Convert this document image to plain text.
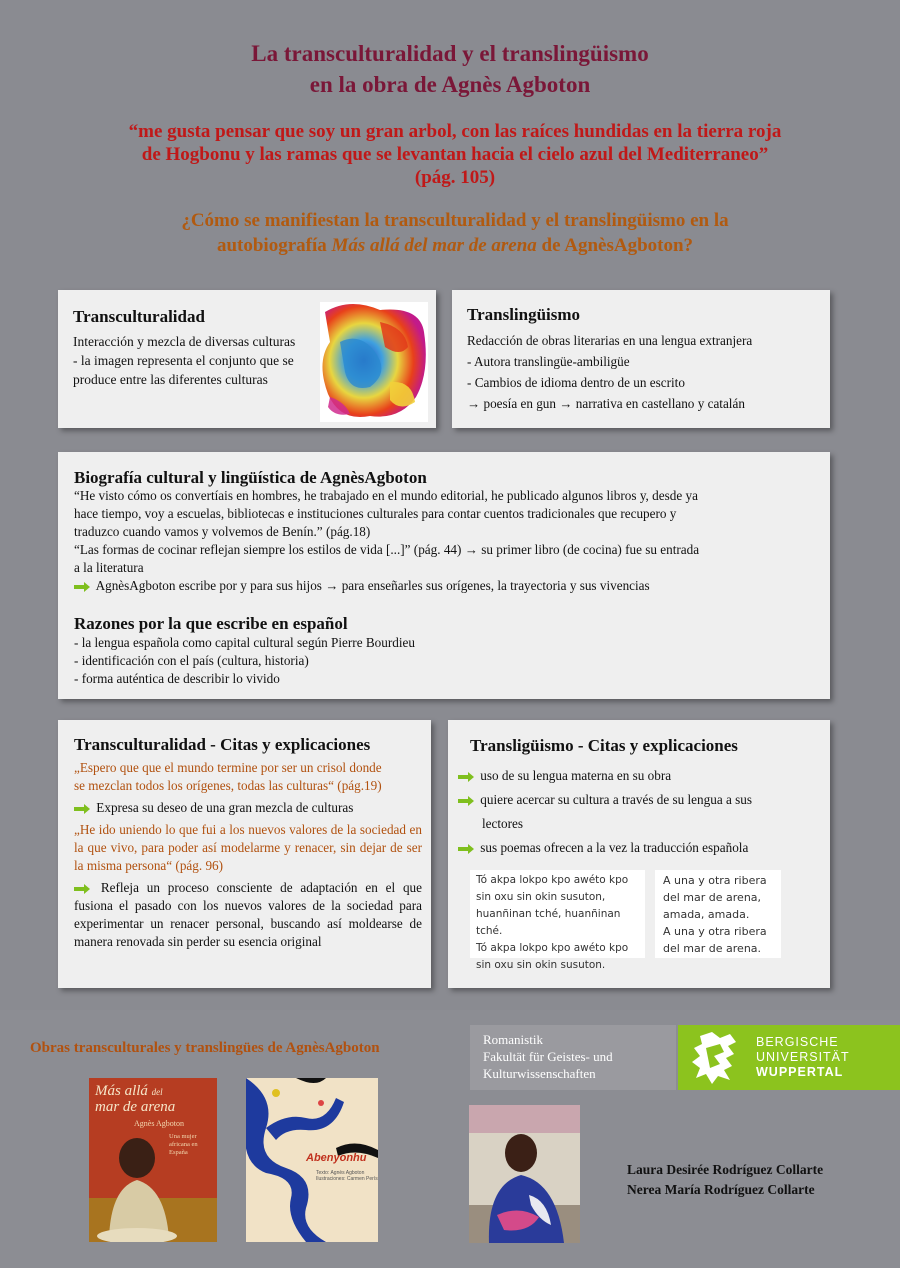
La transculturalidad y el translingüismo
en la obra de Agnès Agboton
“me gusta pensar que soy un gran arbol, con las raíces hundidas en la tierra roja
de Hogbonu y las ramas que se levantan hacia el cielo azul del Mediterraneo”
(pág. 105)
¿Cómo se manifiestan la transculturalidad y el translingüismo en la
autobiografía Más allá del mar de arena de AgnèsAgboton?
Transculturalidad
Interacción y mezcla de diversas culturas
- la imagen representa el conjunto que se
produce entre las diferentes culturas
Translingüismo
Redacción de obras literarias en una lengua extranjera
- Autora translingüe-ambiligüe
- Cambios de idioma dentro de un escrito
→ poesía en gun → narrativa en castellano y catalán
Biografía cultural y lingüística de AgnèsAgboton
“He visto cómo os convertíais en hombres, he trabajado en el mundo editorial, he publicado algunos libros y, desde ya
hace tiempo, voy a escuelas, bibliotecas e instituciones culturales para contar cuentos tradicionales que recupero y
traduzco cuando vamos y volvemos de Benín.” (pág.18)
“Las formas de cocinar reflejan siempre los estilos de vida [...]” (pág. 44) → su primer libro (de cocina) fue su entrada
a la literatura
AgnèsAgboton escribe por y para sus hijos → para enseñarles sus orígenes, la trayectoria y sus vivencias
Razones por la que escribe en español
- la lengua española como capital cultural según Pierre Bourdieu
- identificación con el país (cultura, historia)
- forma auténtica de describir lo vivido
Transculturalidad - Citas y explicaciones
„Espero que que el mundo termine por ser un crisol donde
se mezclan todos los orígenes, todas las culturas“ (pág.19)
Expresa su deseo de una gran mezcla de culturas
„He ido uniendo lo que fui a los nuevos valores de la sociedad en la que vivo, para poder así modelarme y renacer, sin dejar de ser la misma persona“ (pág. 96)
Refleja un proceso consciente de adaptación en el que fusiona el pasado con los nuevos valores de la sociedad para experimentar un renacer personal, buscando así moldearse de manera renovada sin perder su esencia original
Transligüismo - Citas y explicaciones
uso de su lengua materna en su obra
quiere acercar su cultura a través de su lengua a sus
lectores
sus poemas ofrecen a la vez la traducción española
Tó akpa lokpo kpo awéto kpo
sin oxu sin okin susuton,
huanñinan tché, huanñinan tché.
Tó akpa lokpo kpo awéto kpo
sin oxu sin okin susuton.
A una y otra ribera
del mar de arena,
amada, amada.
A una y otra ribera
del mar de arena.
Obras transculturales y translingües de AgnèsAgboton
Más allá del
mar de arena
Agnès Agboton
Una mujer africana en España	Abenyonhu
Texto: Agnès Agboton
Ilustraciones: Carmen Perís
Romanistik
Fakultät für Geistes- und
Kulturwissenschaften
BERGISCHE
UNIVERSITÄT
WUPPERTAL
Laura Desirée Rodríguez Collarte
Nerea María Rodríguez Collarte
